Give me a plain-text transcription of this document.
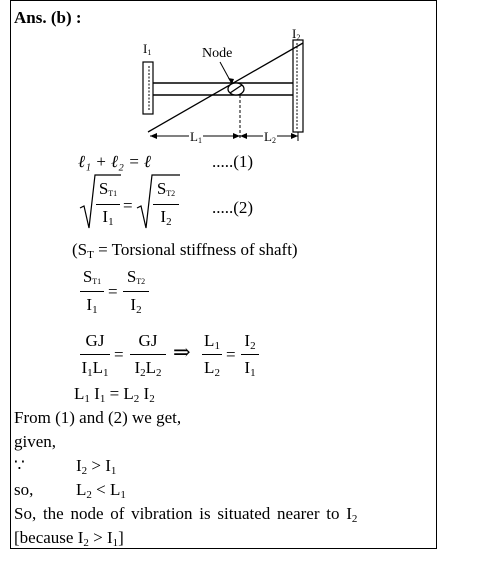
Ans. (b) :
I1
I2
Node
L1	L2
ℓ₁ + ℓ₂ = ℓ	.....(1)
ST1
$I_1$
=
ST2
$I_2$
.....(2)
($S_T$ = Torsional stiffness of shaft)
ST1
$I_1$
=
ST2
$I_2$
GJ
$I_1L_1$
=
GJ
$I_2L_2$
⇒ $L_1$
$L_2$
=
$I_2$
$I_1$
$L_1$ $I_1 = L_2$ $I_2$
From (1) and (2) we get,
given,
∵	$I_2 > I_1$
so,	$L_2 < L_1$
So, the node of vibration is situated nearer to $I_2$
[because $I_2 > I_1$]
